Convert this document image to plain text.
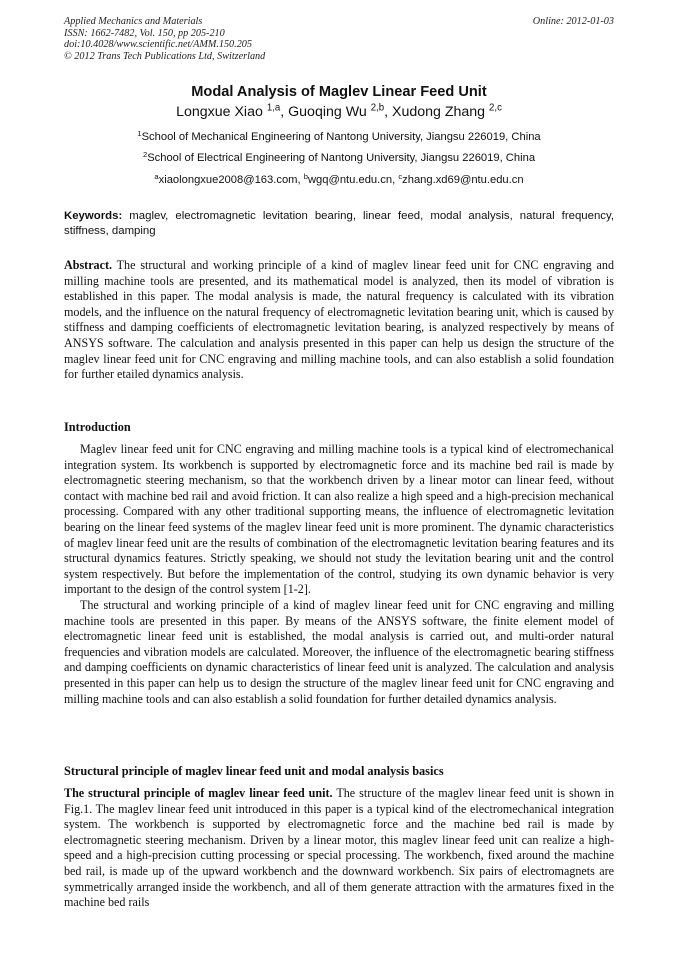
Applied Mechanics and Materials
ISSN: 1662-7482, Vol. 150, pp 205-210
doi:10.4028/www.scientific.net/AMM.150.205
© 2012 Trans Tech Publications Ltd, Switzerland
Online: 2012-01-03
Modal Analysis of Maglev Linear Feed Unit
Longxue Xiao $^{1,a}$, Guoqing Wu $^{2,b}$, Xudong Zhang $^{2,c}$
$^1$School of Mechanical Engineering of Nantong University, Jiangsu 226019, China
$^2$School of Electrical Engineering of Nantong University, Jiangsu 226019, China
$^a$xiaolongxue2008@163.com, $^b$wgq@ntu.edu.cn, $^c$zhang.xd69@ntu.edu.cn
Keywords: maglev, electromagnetic levitation bearing, linear feed, modal analysis, natural frequency, stiffness, damping
Abstract. The structural and working principle of a kind of maglev linear feed unit for CNC engraving and milling machine tools are presented, and its mathematical model is analyzed, then its model of vibration is established in this paper. The modal analysis is made, the natural frequency is calculated with its vibration models, and the influence on the natural frequency of electromagnetic levitation bearing unit, which is caused by stiffness and damping coefficients of electromagnetic levitation bearing, is analyzed respectively by means of ANSYS software. The calculation and analysis presented in this paper can help us design the structure of the maglev linear feed unit for CNC engraving and milling machine tools, and can also establish a solid foundation for further etailed dynamics analysis.
Introduction

Maglev linear feed unit for CNC engraving and milling machine tools is a typical kind of electromechanical integration system. Its workbench is supported by electromagnetic force and its machine bed rail is made by electromagnetic steering mechanism, so that the workbench driven by a linear motor can linear feed, without contact with machine bed rail and avoid friction. It can also realize a high speed and a high-precision mechanical processing. Compared with any other traditional supporting means, the influence of electromagnetic levitation bearing on the linear feed systems of the maglev linear feed unit is more prominent. The dynamic characteristics of maglev linear feed unit are the results of combination of the electromagnetic levitation bearing features and its structural dynamics features. Strictly speaking, we should not study the levitation bearing unit and the control system respectively. But before the implementation of the control, studying its own dynamic behavior is very important to the design of the control system [1-2].

The structural and working principle of a kind of maglev linear feed unit for CNC engraving and milling machine tools are presented in this paper. By means of the ANSYS software, the finite element model of electromagnetic linear feed unit is established, the modal analysis is carried out, and multi-order natural frequencies and vibration models are calculated. Moreover, the influence of the electromagnetic bearing stiffness and damping coefficients on dynamic characteristics of linear feed unit is analyzed. The calculation and analysis presented in this paper can help us to design the structure of the maglev linear feed unit for CNC engraving and milling machine tools and can also establish a solid foundation for further detailed dynamics analysis.

Structural principle of maglev linear feed unit and modal analysis basics

The structural principle of maglev linear feed unit. The structure of the maglev linear feed unit is shown in Fig.1. The maglev linear feed unit introduced in this paper is a typical kind of the electromechanical integration system. The workbench is supported by electromagnetic force and the machine bed rail is made by electromagnetic steering mechanism. Driven by a linear motor, this maglev linear feed unit can realize a high-speed and a high-precision cutting processing or special processing. The workbench, fixed around the machine bed rail, is made up of the upward workbench and the downward workbench. Six pairs of electromagnets are symmetrically arranged inside the workbench, and all of them generate attraction with the armatures fixed in the machine bed rails
